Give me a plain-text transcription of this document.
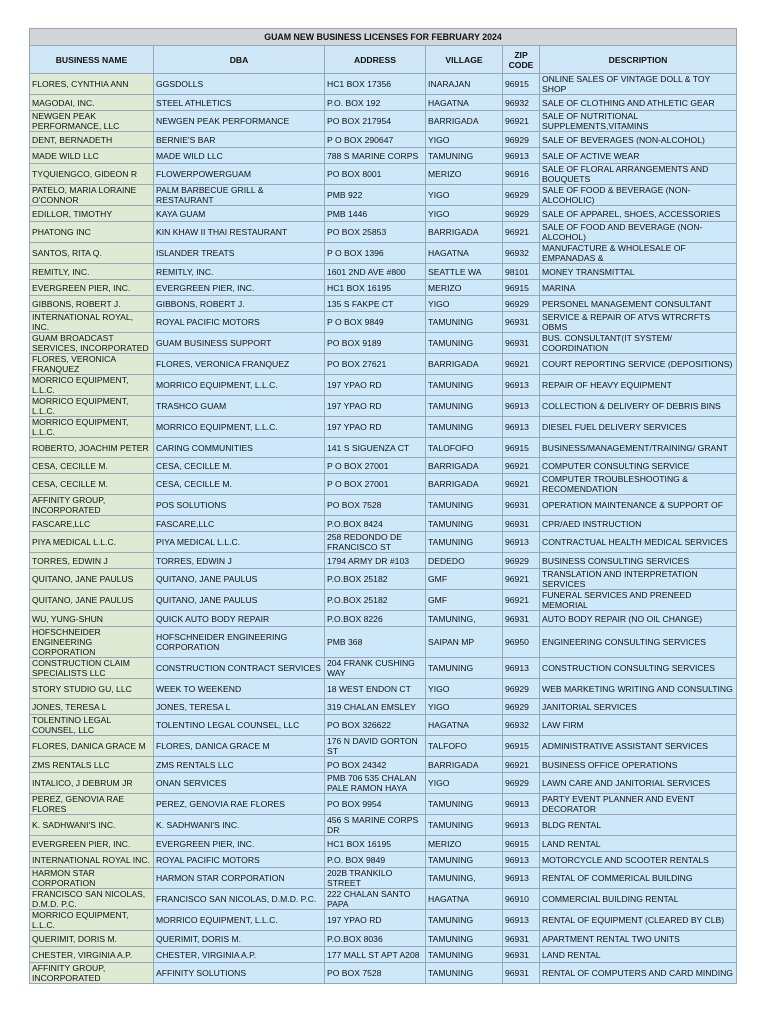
GUAM NEW BUSINESS LICENSES FOR FEBRUARY 2024					
BUSINESS NAME	DBA	ADDRESS	VILLAGE	ZIP CODE	DESCRIPTION
FLORES, CYNTHIA ANN	GGSDOLLS	HC1 BOX 17356	INARAJAN	96915	ONLINE SALES OF VINTAGE DOLL & TOY SHOP
MAGODAI, INC.	STEEL ATHLETICS	P.O. BOX 192	HAGATNA	96932	SALE OF CLOTHING AND ATHLETIC GEAR
NEWGEN PEAK PERFORMANCE, LLC	NEWGEN PEAK PERFORMANCE	PO BOX 217954	BARRIGADA	96921	SALE OF NUTRITIONAL SUPPLEMENTS,VITAMINS
DENT, BERNADETH	BERNIE'S BAR	P O BOX 290647	YIGO	96929	SALE OF BEVERAGES (NON-ALCOHOL)
MADE WILD LLC	MADE WILD LLC	788 S MARINE CORPS	TAMUNING	96913	SALE OF ACTIVE WEAR
TYQUIENGCO, GIDEON R	FLOWERPOWERGUAM	PO BOX 8001	MERIZO	96916	SALE OF FLORAL ARRANGEMENTS AND BOUQUETS
PATELO, MARIA LORAINE O'CONNOR	PALM BARBECUE GRILL & RESTAURANT	PMB 922	YIGO	96929	SALE OF FOOD & BEVERAGE (NON-ALCOHOLIC)
EDILLOR, TIMOTHY	KAYA GUAM	PMB 1446	YIGO	96929	SALE OF APPAREL, SHOES, ACCESSORIES
PHATONG INC	KIN KHAW II THAI RESTAURANT	PO BOX 25853	BARRIGADA	96921	SALE OF FOOD AND BEVERAGE (NON-ALCOHOL)
SANTOS, RITA Q.	ISLANDER TREATS	P O BOX 1396	HAGATNA	96932	MANUFACTURE & WHOLESALE OF EMPANADAS &
REMITLY, INC.	REMITLY, INC.	1601 2ND AVE #800	SEATTLE WA	98101	MONEY TRANSMITTAL
EVERGREEN PIER, INC.	EVERGREEN PIER, INC.	HC1 BOX 16195	MERIZO	96915	MARINA
GIBBONS, ROBERT J.	GIBBONS, ROBERT J.	135 S FAKPE CT	YIGO	96929	PERSONEL MANAGEMENT CONSULTANT
INTERNATIONAL ROYAL, INC.	ROYAL PACIFIC MOTORS	P O BOX 9849	TAMUNING	96931	SERVICE & REPAIR OF ATVS WTRCRFTS OBMS
GUAM BROADCAST SERVICES, INCORPORATED	GUAM BUSINESS SUPPORT	PO BOX 9189	TAMUNING	96931	BUS. CONSULTANT(IT SYSTEM/ COORDINATION
FLORES, VERONICA FRANQUEZ	FLORES, VERONICA FRANQUEZ	PO BOX 27621	BARRIGADA	96921	COURT REPORTING SERVICE (DEPOSITIONS)
MORRICO EQUIPMENT, L.L.C.	MORRICO EQUIPMENT, L.L.C.	197 YPAO RD	TAMUNING	96913	REPAIR OF HEAVY EQUIPMENT
MORRICO EQUIPMENT, L.L.C.	TRASHCO GUAM	197 YPAO RD	TAMUNING	96913	COLLECTION & DELIVERY OF DEBRIS BINS
MORRICO EQUIPMENT, L.L.C.	MORRICO EQUIPMENT, L.L.C.	197 YPAO RD	TAMUNING	96913	DIESEL FUEL DELIVERY SERVICES
ROBERTO, JOACHIM PETER	CARING COMMUNITIES	141 S SIGUENZA CT	TALOFOFO	96915	BUSINESS/MANAGEMENT/TRAINING/ GRANT
CESA, CECILLE M.	CESA, CECILLE M.	P O BOX 27001	BARRIGADA	96921	COMPUTER CONSULTING SERVICE
CESA, CECILLE M.	CESA, CECILLE M.	P O BOX 27001	BARRIGADA	96921	COMPUTER TROUBLESHOOTING & RECOMENDATION
AFFINITY GROUP, INCORPORATED	POS SOLUTIONS	PO BOX 7528	TAMUNING	96931	OPERATION MAINTENANCE & SUPPORT OF
FASCARE,LLC	FASCARE,LLC	P.O.BOX 8424	TAMUNING	96931	CPR/AED INSTRUCTION
PIYA MEDICAL L.L.C.	PIYA MEDICAL L.L.C.	258 REDONDO DE FRANCISCO ST	TAMUNING	96913	CONTRACTUAL HEALTH MEDICAL SERVICES
TORRES, EDWIN J	TORRES, EDWIN J	1794 ARMY DR #103	DEDEDO	96929	BUSINESS CONSULTING SERVICES
QUITANO, JANE PAULUS	QUITANO, JANE PAULUS	P.O.BOX 25182	GMF	96921	TRANSLATION AND INTERPRETATION SERVICES
QUITANO, JANE PAULUS	QUITANO, JANE PAULUS	P.O.BOX 25182	GMF	96921	FUNERAL SERVICES AND PRENEED MEMORIAL
WU, YUNG-SHUN	QUICK AUTO BODY REPAIR	P.O.BOX 8226	TAMUNING,	96931	AUTO BODY REPAIR (NO OIL CHANGE)
HOFSCHNEIDER ENGINEERING CORPORATION	HOFSCHNEIDER ENGINEERING CORPORATION	PMB 368	SAIPAN MP	96950	ENGINEERING CONSULTING SERVICES
CONSTRUCTION CLAIM SPECIALISTS LLC	CONSTRUCTION CONTRACT SERVICES	204 FRANK CUSHING WAY	TAMUNING	96913	CONSTRUCTION CONSULTING SERVICES
STORY STUDIO GU, LLC	WEEK TO WEEKEND	18 WEST ENDON CT	YIGO	96929	WEB MARKETING WRITING AND CONSULTING
JONES, TERESA L	JONES, TERESA L	319 CHALAN EMSLEY	YIGO	96929	JANITORIAL SERVICES
TOLENTINO LEGAL COUNSEL, LLC	TOLENTINO LEGAL COUNSEL, LLC	PO BOX 326622	HAGATNA	96932	LAW FIRM
FLORES, DANICA GRACE M	FLORES, DANICA GRACE M	176 N DAVID GORTON ST	TALFOFO	96915	ADMINISTRATIVE ASSISTANT SERVICES
ZMS RENTALS LLC	ZMS RENTALS LLC	PO BOX 24342	BARRIGADA	96921	BUSINESS OFFICE OPERATIONS
INTALICO, J DEBRUM JR	ONAN SERVICES	PMB 706 535 CHALAN PALE RAMON HAYA	YIGO	96929	LAWN CARE AND JANITORIAL SERVICES
PEREZ, GENOVIA RAE FLORES	PEREZ, GENOVIA RAE FLORES	PO BOX 9954	TAMUNING	96913	PARTY EVENT PLANNER AND EVENT DECORATOR
K. SADHWANI'S INC.	K. SADHWANI'S INC.	456 S MARINE CORPS DR	TAMUNING	96913	BLDG RENTAL
EVERGREEN PIER, INC.	EVERGREEN PIER, INC.	HC1 BOX 16195	MERIZO	96915	LAND RENTAL
INTERNATIONAL ROYAL INC.	ROYAL PACIFIC MOTORS	P.O. BOX 9849	TAMUNING	96913	MOTORCYCLE AND SCOOTER RENTALS
HARMON STAR CORPORATION	HARMON STAR CORPORATION	202B TRANKILO STREET	TAMUNING,	96913	RENTAL OF COMMERICAL BUILDING
FRANCISCO SAN NICOLAS, D.M.D. P.C.	FRANCISCO SAN NICOLAS, D.M.D. P.C.	222 CHALAN SANTO PAPA	HAGATNA	96910	COMMERCIAL BUILDING RENTAL
MORRICO EQUIPMENT, L.L.C.	MORRICO EQUIPMENT, L.L.C.	197 YPAO RD	TAMUNING	96913	RENTAL OF EQUIPMENT (CLEARED BY CLB)
QUERIMIT, DORIS M.	QUERIMIT, DORIS M.	P.O.BOX 8036	TAMUNING	96931	APARTMENT RENTAL TWO UNITS
CHESTER, VIRGINIA A.P.	CHESTER, VIRGINIA A.P.	177 MALL ST APT A208	TAMUNING	96931	LAND RENTAL
AFFINITY GROUP, INCORPORATED	AFFINITY SOLUTIONS	PO BOX 7528	TAMUNING	96931	RENTAL OF COMPUTERS AND CARD MINDING
